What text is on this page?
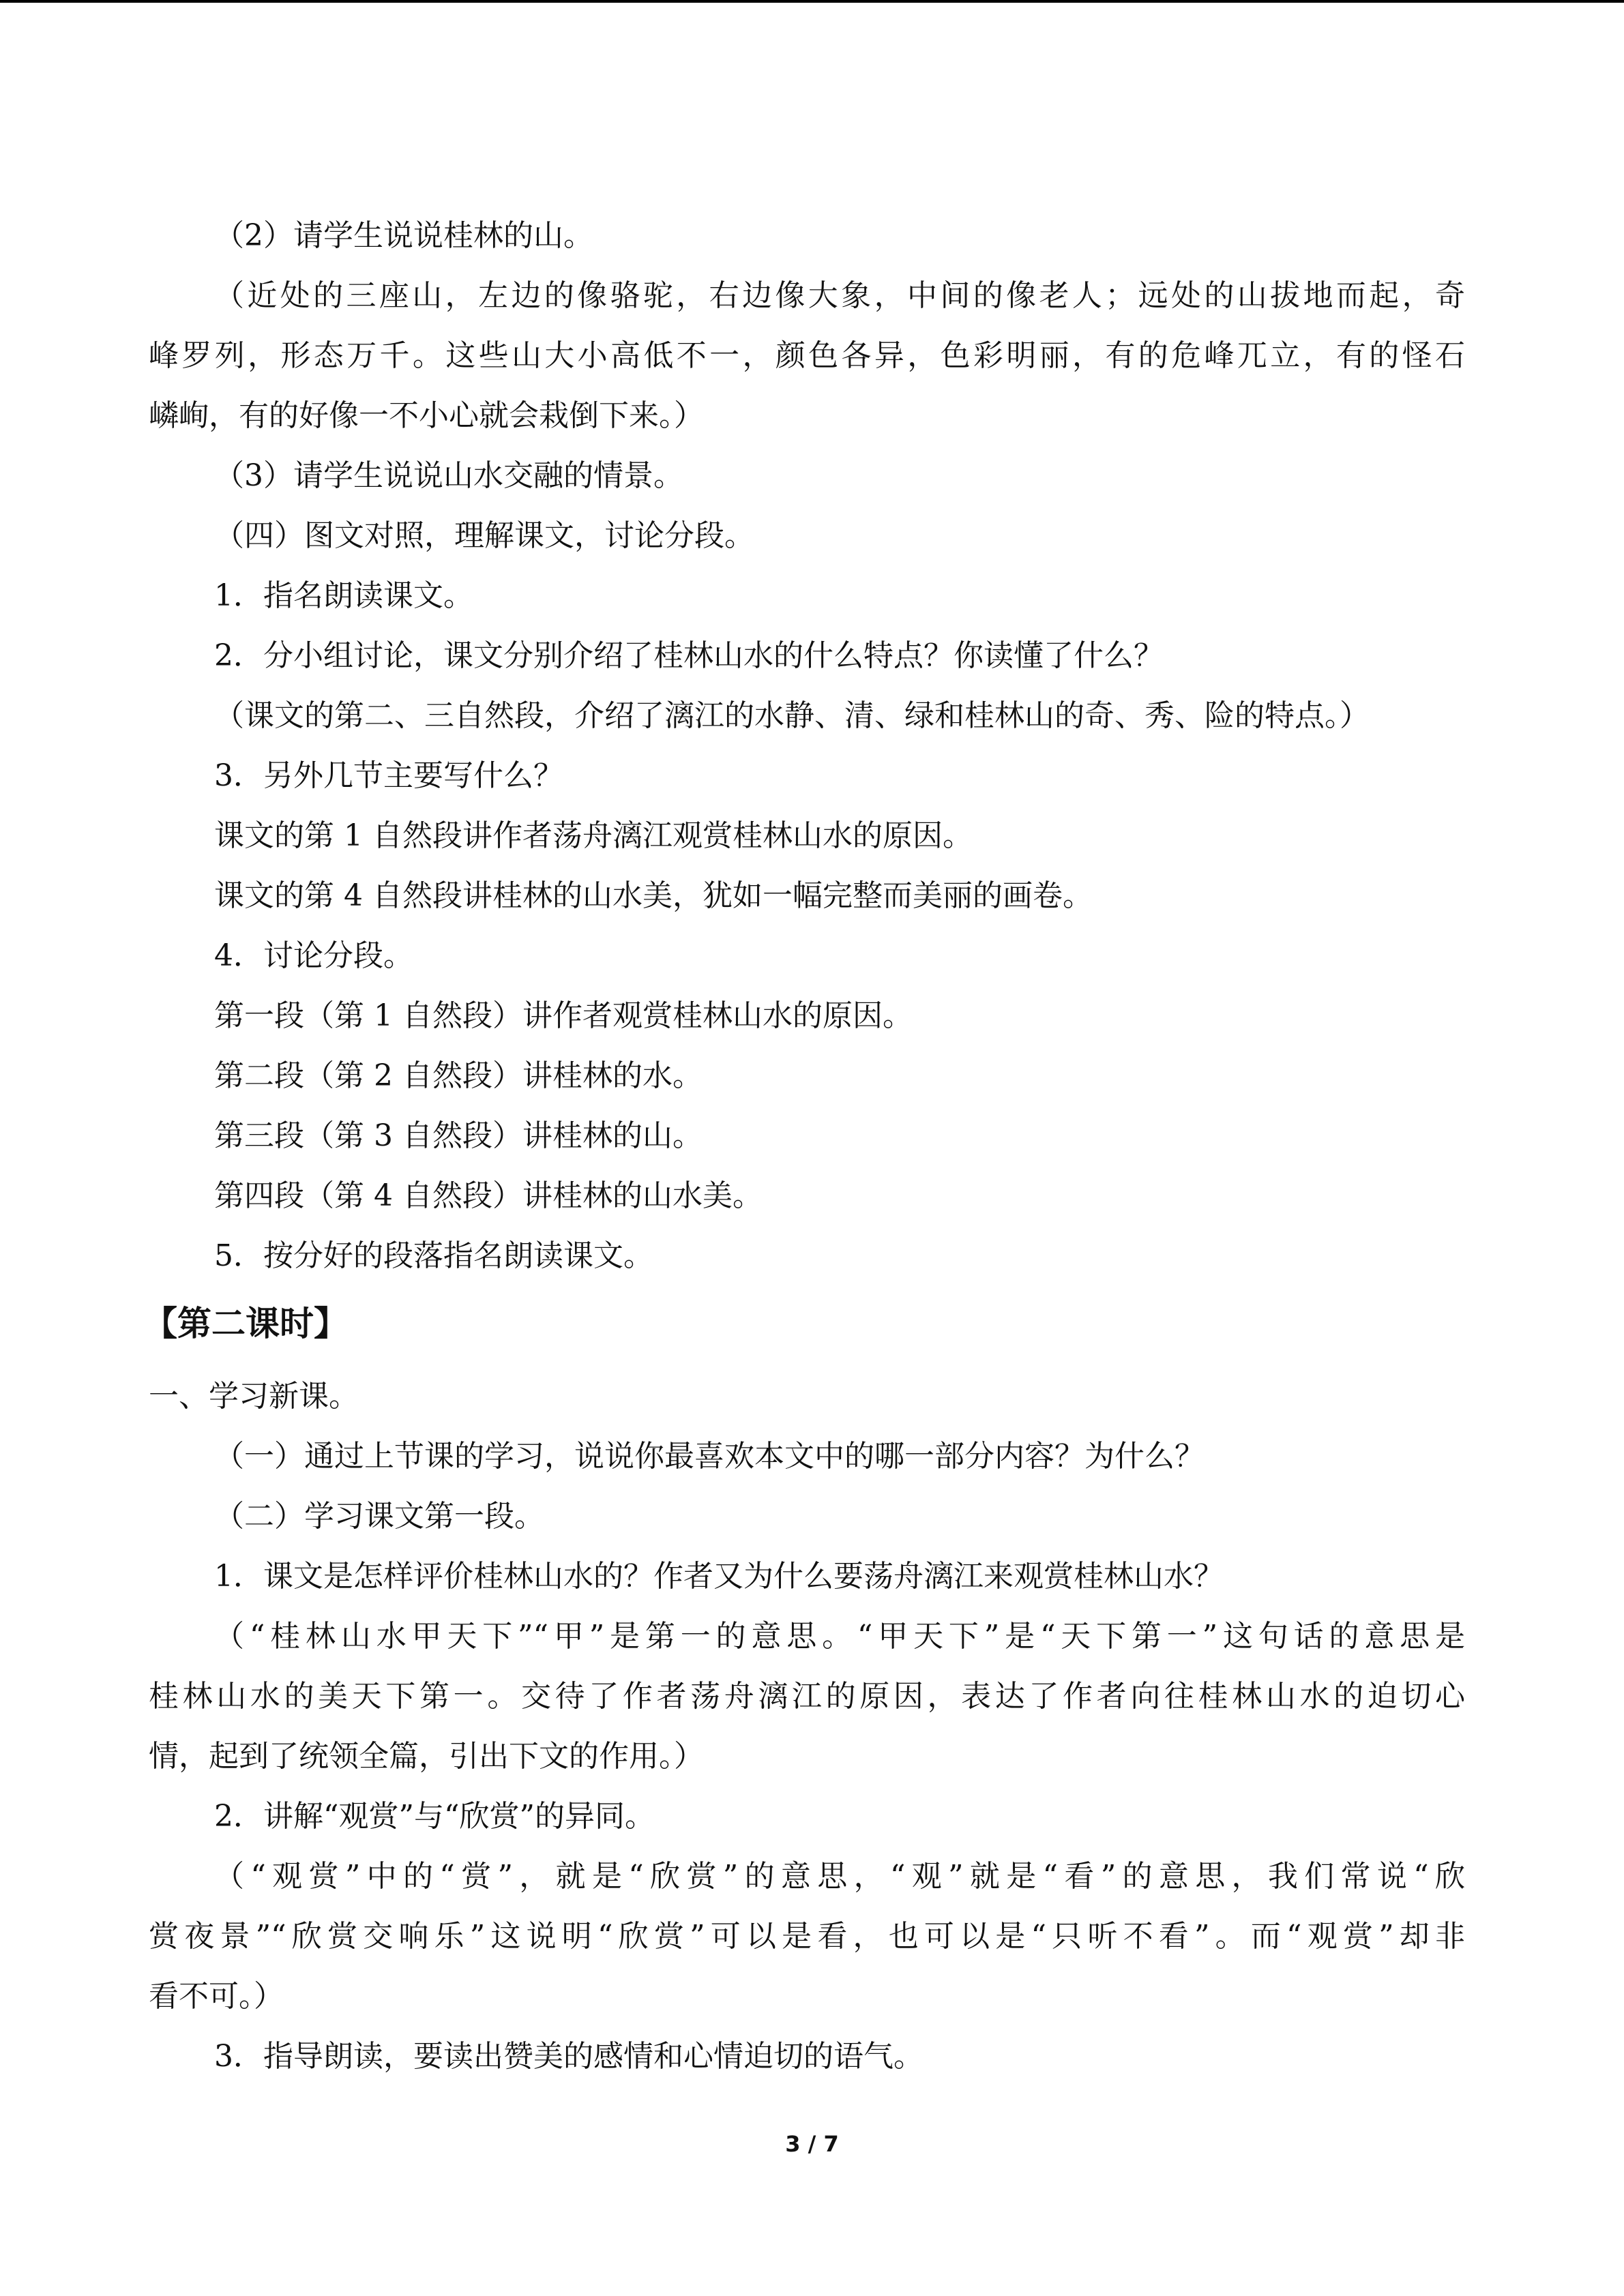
（2）请学生说说桂林的山。
（近处的三座山，左边的像骆驼，右边像大象，中间的像老人；远处的山拔地而起，奇
峰罗列，形态万千。这些山大小高低不一，颜色各异，色彩明丽，有的危峰兀立，有的怪石
嶙峋，有的好像一不小心就会栽倒下来。）
（3）请学生说说山水交融的情景。
（四）图文对照，理解课文，讨论分段。
1．指名朗读课文。
2．分小组讨论，课文分别介绍了桂林山水的什么特点？你读懂了什么？
（课文的第二、三自然段，介绍了漓江的水静、清、绿和桂林山的奇、秀、险的特点。）
3．另外几节主要写什么？
课文的第 1 自然段讲作者荡舟漓江观赏桂林山水的原因。
课文的第 4 自然段讲桂林的山水美，犹如一幅完整而美丽的画卷。
4．讨论分段。
第一段（第 1 自然段）讲作者观赏桂林山水的原因。
第二段（第 2 自然段）讲桂林的水。
第三段（第 3 自然段）讲桂林的山。
第四段（第 4 自然段）讲桂林的山水美。
5．按分好的段落指名朗读课文。
【第二课时】
一、学习新课。
（一）通过上节课的学习，说说你最喜欢本文中的哪一部分内容？为什么？
（二）学习课文第一段。
1．课文是怎样评价桂林山水的？作者又为什么要荡舟漓江来观赏桂林山水？
（“桂林山水甲天下”“甲”是第一的意思。“甲天下”是“天下第一”这句话的意思是
桂林山水的美天下第一。交待了作者荡舟漓江的原因，表达了作者向往桂林山水的迫切心
情，起到了统领全篇，引出下文的作用。）
2．讲解“观赏”与“欣赏”的异同。
（“观赏”中的“赏”，就是“欣赏”的意思，“观”就是“看”的意思，我们常说“欣
赏夜景”“欣赏交响乐”这说明“欣赏”可以是看，也可以是“只听不看”。而“观赏”却非
看不可。）
3．指导朗读，要读出赞美的感情和心情迫切的语气。
3 / 7
